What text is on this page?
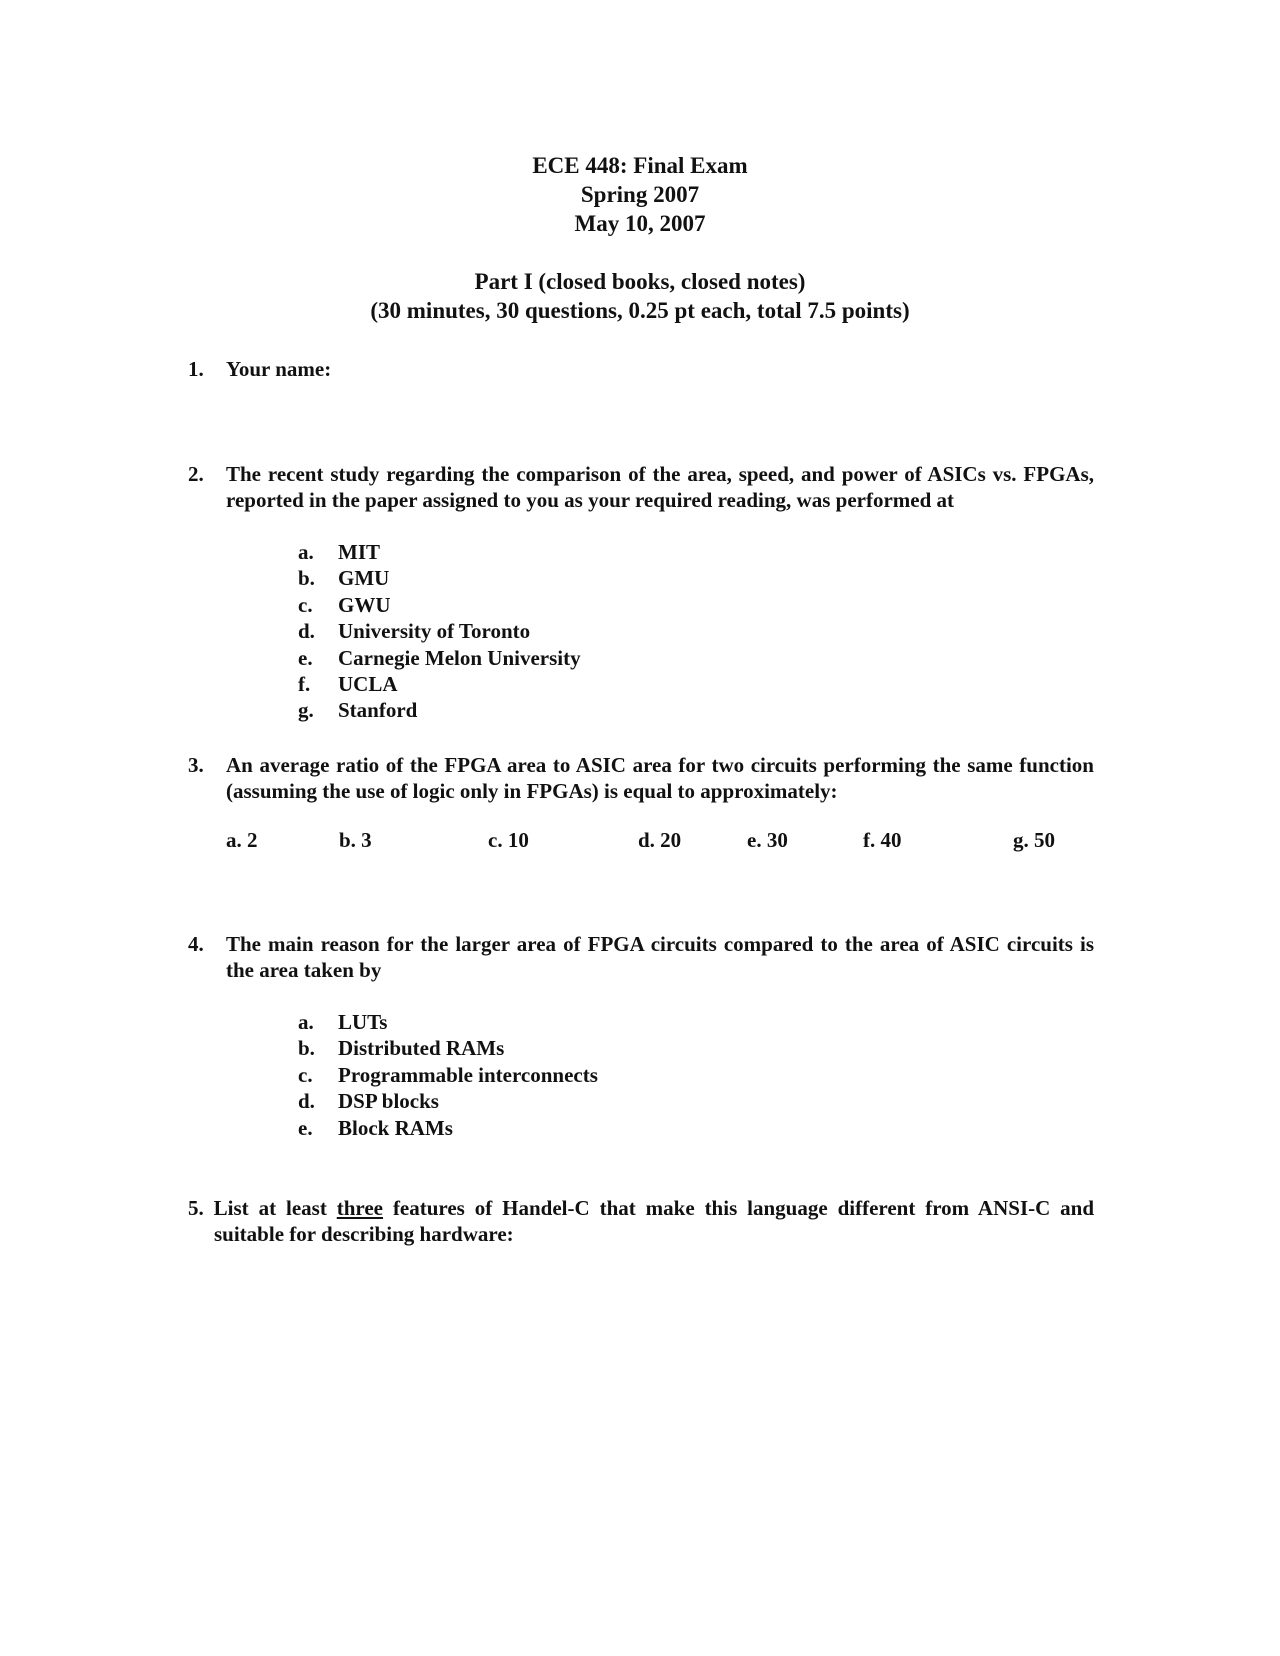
ECE 448: Final Exam
Spring 2007
May 10, 2007
Part I (closed books, closed notes)
(30 minutes, 30 questions, 0.25 pt each, total 7.5 points)
1.	Your name:
2.	The recent study regarding the comparison of the area, speed, and power of ASICs vs. FPGAs, reported in the paper assigned to you as your required reading, was performed at
a. MIT
b. GMU
c. GWU
d. University of Toronto
e. Carnegie Melon University
f. UCLA
g. Stanford
3.	An average ratio of the FPGA area to ASIC area for two circuits performing the same function (assuming the use of logic only in FPGAs) is equal to approximately:
a. 2	b. 3	c. 10	d. 20	e. 30	f. 40	g. 50
4.	The main reason for the larger area of FPGA circuits compared to the area of ASIC circuits is the area taken by
a. LUTs
b. Distributed RAMs
c. Programmable interconnects
d. DSP blocks
e. Block RAMs
5. List at least three features of Handel-C that make this language different from ANSI-C and suitable for describing hardware:
